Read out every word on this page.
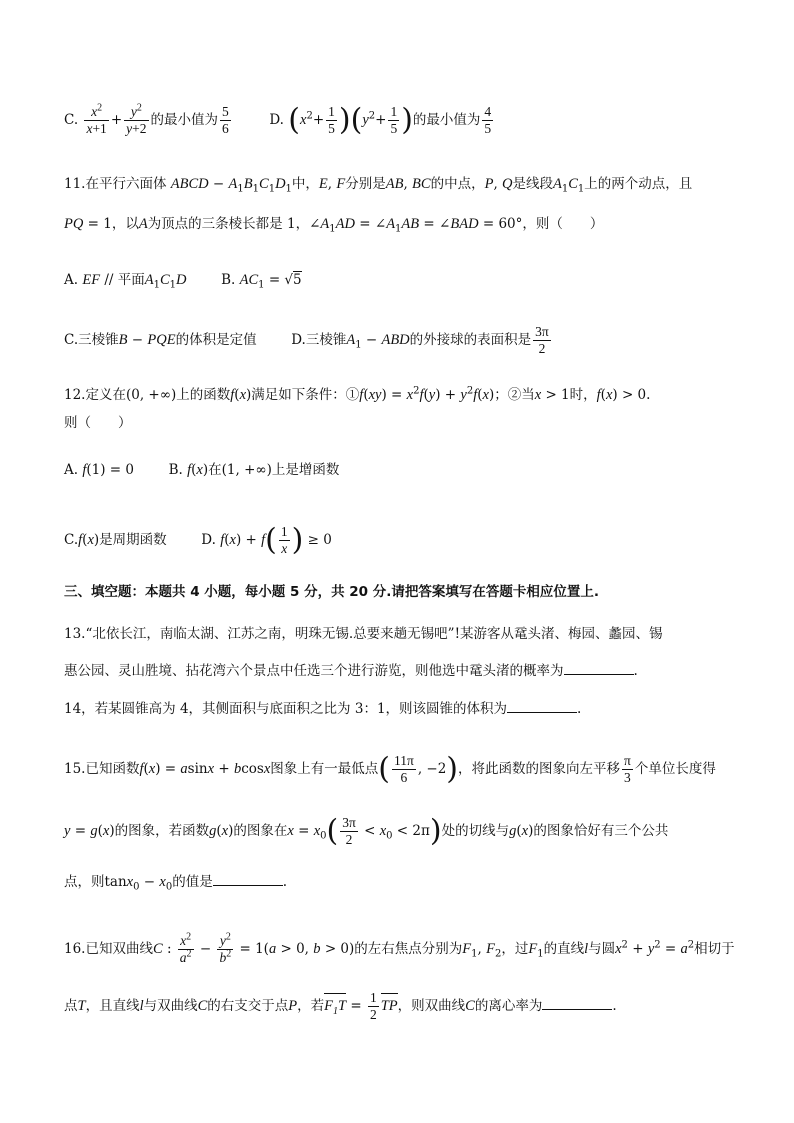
C. $\frac{x^2}{x+1} + \frac{y^2}{y+2}$ 的最小值为 $\frac{5}{6}$	D. $(x^2+ \frac{1}{5} )(y^2+ \frac{1}{5}$ )的最小值为 $\frac{4}{5}$
11.在平行六面体 ABCD − $A_1B_1C_1D_1$中，E, F分别是AB, BC的中点，P, Q是线段$A_1C_1$上的两个动点，且
PQ = 1，以A为顶点的三条棱长都是 1，$\angle A_1AD$ = $\angle A_1AB$ = ∠BAD = 60°，则（　　）
A. EF // 平面$A_1C_1D$	B. $AC_1 = √5$
C.三棱锥B − PQE的体积是定值	D.三棱锥$A_1$ − ABD的外接球的表面积是 $\frac{3\pi}{2}$
12.定义在(0, +∞)上的函数f(x)满足如下条件：①f(xy) = $x^2f(y) + y^2f(x)$；②当x > 1时，f(x) > 0.
则（　　）
A. f(1) = 0  B. f(x)在(1, +∞)上是增函数
C.f(x)是周期函数	D. $f(x) + f( \frac{1}{x}$ ) ≥ 0
三、填空题：本题共 4 小题，每小题 5 分，共 20 分.请把答案填写在答题卡相应位置上.
13.“北依长江，南临太湖、江苏之南，明珠无锡.总要来趟无锡吧”!某游客从鼋头渚、梅园、蠡园、锡
惠公园、灵山胜境、拈花湾六个景点中任选三个进行游览，则他选中鼋头渚的概率为	.
14，若某圆锥高为 4，其侧面积与底面积之比为 3：1，则该圆锥的体积为	.
15.已知函数f(x) = asinx + bcosx图象上有一最低点( $\frac{11\pi}{6}$ , −2)，将此函数的图象向左平移 $\frac{\pi}{3}$ 个单位长度得
y = g(x)的图象，若函数g(x)的图象在$x = x_0( \frac{3\pi}{2} < x_0 < 2\pi)$处的切线与g(x)的图象恰好有三个公共
点，则$\tan x_0 - x_0$的值是	.
16.已知双曲线C : $\frac{x^2}{a^2} - \frac{y^2}{b^2} = 1(a > 0$, b > 0)的左右焦点分别为$F_1$, $F_2$，过$F_1$的直线l与圆$x^2 + y^2 = a^2$相切于
点T，且直线l与双曲线C的右支交于点P，若$F_1T = \frac{1}{2}$ TP，则双曲线C的离心率为	.
